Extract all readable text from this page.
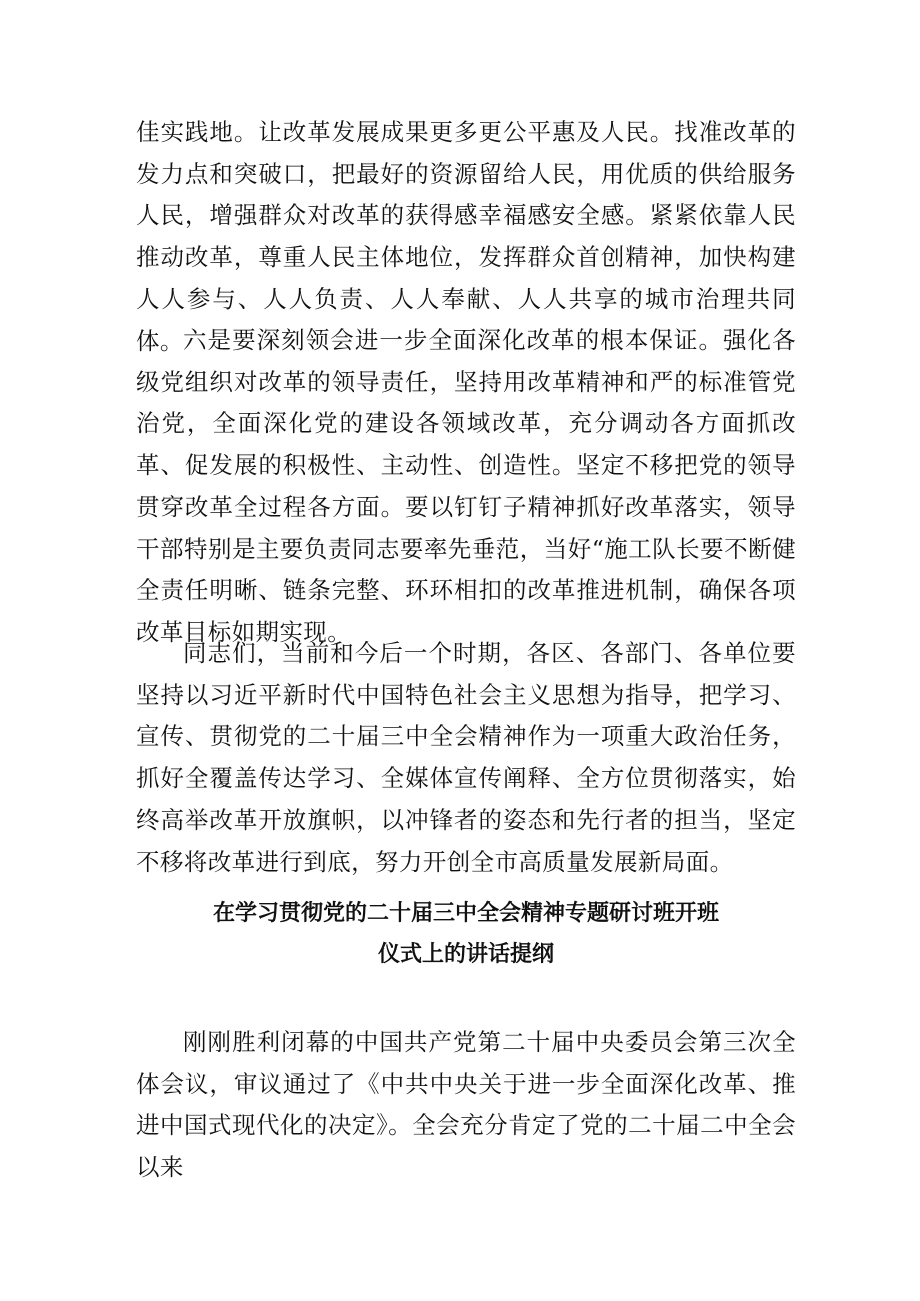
佳实践地。让改革发展成果更多更公平惠及人民。找准改革的发力点和突破口，把最好的资源留给人民，用优质的供给服务人民，增强群众对改革的获得感幸福感安全感。紧紧依靠人民推动改革，尊重人民主体地位，发挥群众首创精神，加快构建人人参与、人人负责、人人奉献、人人共享的城市治理共同体。 六是要深刻领会进一步全面深化改革的根本保证。强化各级党组织对改革的领导责任，坚持用改革精神和严的标准管党治党，全面深化党的建设各领域改革，充分调动各方面抓改革、促发展的积极性、主动性、创造性。坚定不移把党的领导贯穿改革全过程各方面。要以钉钉子精神抓好改革落实，领导干部特别是主要负责同志要率先垂范，当好“施工队长要不断健全责任明晰、链条完整、环环相扣的改革推进机制，确保各项改革目标如期实现。

同志们，当前和今后一个时期，各区、各部门、各单位要坚持以习近平新时代中国特色社会主义思想为指导，把学习、宣传、贯彻党的二十届三中全会精神作为一项重大政治任务，抓好全覆盖传达学习、全媒体宣传阐释、全方位贯彻落实，始终高举改革开放旗帜，以冲锋者的姿态和先行者的担当，坚定不移将改革进行到底，努力开创全市高质量发展新局面。

在学习贯彻党的二十届三中全会精神专题研讨班开班
仪式上的讲话提纲

刚刚胜利闭幕的中国共产党第二十届中央委员会第三次全体会议，审议通过了《中共中央关于进一步全面深化改革、推进中国式现代化的决定》。全会充分肯定了党的二十届二中全会以来
